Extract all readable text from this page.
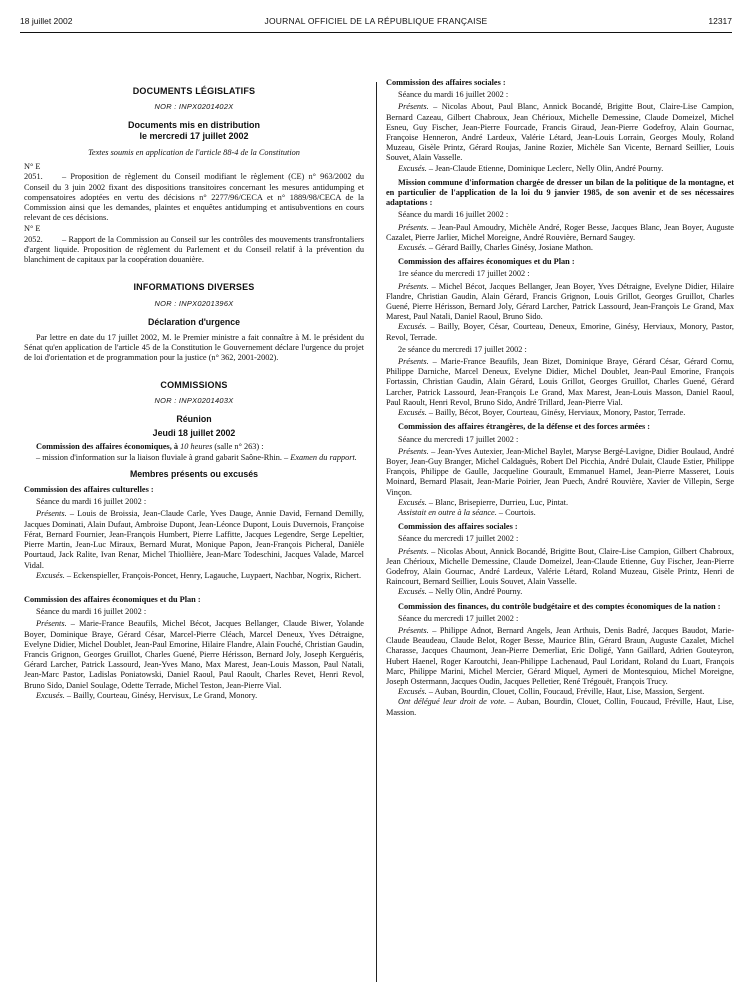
18 juillet 2002	JOURNAL OFFICIEL DE LA RÉPUBLIQUE FRANÇAISE	12317
DOCUMENTS LÉGISLATIFS
NOR : INPX0201402X
Documents mis en distribution
le mercredi 17 juillet 2002
Textes soumis en application de l'article 88-4 de la Constitution
N° E 2051.	– Proposition de règlement du Conseil modifiant le règlement (CE) n° 963/2002 du Conseil du 3 juin 2002 fixant des dispositions transitoires concernant les mesures antidumping et compensatoires adoptées en vertu des décisions n° 2277/96/CECA et n° 1889/98/CECA de la Commission ainsi que les demandes, plaintes et enquêtes antidumping et antisubventions en cours relevant de ces décisions.

N° E 2052.	– Rapport de la Commission au Conseil sur les contrôles des mouvements transfrontaliers d'argent liquide. Proposition de règlement du Parlement et du Conseil relatif à la prévention du blanchiment de capitaux par la coopération douanière.

INFORMATIONS DIVERSES
NOR : INPX0201396X
Déclaration d'urgence

Par lettre en date du 17 juillet 2002, M. le Premier ministre a fait connaître à M. le président du Sénat qu'en application de l'article 45 de la Constitution le Gouvernement déclare l'urgence du projet de loi d'orientation et de programmation pour la justice (n° 362, 2001-2002).

COMMISSIONS
NOR : INPX0201403X
Réunion
Jeudi 18 juillet 2002

Commission des affaires économiques, à 10 heures (salle n° 263) :

– mission d'information sur la liaison fluviale à grand gabarit Saône-Rhin. – Examen du rapport.

Membres présents ou excusés

Commission des affaires culturelles :

Séance du mardi 16 juillet 2002 :

Présents. – Louis de Broissia, Jean-Claude Carle, Yves Dauge, Annie David, Fernand Demilly, Jacques Dominati, Alain Dufaut, Ambroise Dupont, Jean-Léonce Dupont, Louis Duvernois, Françoise Férat, Bernard Fournier, Jean-François Humbert, Pierre Laffitte, Jacques Legendre, Serge Lepeltier, Pierre Martin, Jean-Luc Miraux, Bernard Murat, Monique Papon, Jean-François Picheral, Danièle Pourtaud, Jack Ralite, Ivan Renar, Michel Thiollière, Jean-Marc Todeschini, Jacques Valade, Marcel Vidal.

Excusés. – Eckenspieller, François-Poncet, Henry, Lagauche, Luypaert, Nachbar, Nogrix, Richert.

Commission des affaires économiques et du Plan :

Séance du mardi 16 juillet 2002 :

Présents. – Marie-France Beaufils, Michel Bécot, Jacques Bellanger, Claude Biwer, Yolande Boyer, Dominique Braye, Gérard César, Marcel-Pierre Cléach, Marcel Deneux, Yves Détraigne, Evelyne Didier, Michel Doublet, Jean-Paul Emorine, Hilaire Flandre, Alain Fouché, Christian Gaudin, Francis Grignon, Georges Gruillot, Charles Guené, Pierre Hérisson, Bernard Joly, Joseph Kerguéris, Gérard Larcher, Patrick Lassourd, Jean-Yves Mano, Max Marest, Jean-Louis Masson, Paul Natali, Jean-Marc Pastor, Ladislas Poniatowski, Daniel Raoul, Paul Raoult, Charles Revet, Henri Revol, Bruno Sido, Daniel Soulage, Odette Terrade, Michel Teston, Jean-Pierre Vial.

Excusés. – Bailly, Courteau, Ginésy, Hervisux, Le Grand, Monory.

Commission des affaires sociales :

Séance du mardi 16 juillet 2002 :

Présents. – Nicolas About, Paul Blanc, Annick Bocandé, Brigitte Bout, Claire-Lise Campion, Bernard Cazeau, Gilbert Chabroux, Jean Chérioux, Michelle Demessine, Claude Domeizel, Michel Esneu, Guy Fischer, Jean-Pierre Fourcade, Francis Giraud, Jean-Pierre Godefroy, Alain Gournac, Françoise Henneron, André Lardeux, Valérie Létard, Jean-Louis Lorrain, Georges Mouly, Roland Muzeau, Gisèle Printz, Gérard Roujas, Janine Rozier, Michèle San Vicente, Bernard Seillier, Louis Souvet, Alain Vasselle.

Excusés. – Jean-Claude Etienne, Dominique Leclerc, Nelly Olin, André Pourny.

Mission commune d'information chargée de dresser un bilan de la politique de la montagne, et en particulier de l'application de la loi du 9 janvier 1985, de son avenir et de ses nécessaires adaptations :

Séance du mardi 16 juillet 2002 :

Présents. – Jean-Paul Amoudry, Michèle André, Roger Besse, Jacques Blanc, Jean Boyer, Auguste Cazalet, Pierre Jarlier, Michel Moreigne, André Rouvière, Bernard Saugey.

Excusés. – Gérard Bailly, Charles Ginésy, Josiane Mathon.

Commission des affaires économiques et du Plan :

1re séance du mercredi 17 juillet 2002 :

Présents. – Michel Bécot, Jacques Bellanger, Jean Boyer, Yves Détraigne, Evelyne Didier, Hilaire Flandre, Christian Gaudin, Alain Gérard, Francis Grignon, Louis Grillot, Georges Gruillot, Charles Guené, Pierre Hérisson, Bernard Joly, Gérard Larcher, Patrick Lassourd, Jean-François Le Grand, Max Marest, Paul Natali, Daniel Raoul, Bruno Sido.

Excusés. – Bailly, Boyer, César, Courteau, Deneux, Emorine, Ginésy, Herviaux, Monory, Pastor, Revol, Terrade.

2e séance du mercredi 17 juillet 2002 :

Présents. – Marie-France Beaufils, Jean Bizet, Dominique Braye, Gérard César, Gérard Cornu, Philippe Darniche, Marcel Deneux, Evelyne Didier, Michel Doublet, Jean-Paul Emorine, François Fortassin, Christian Gaudin, Alain Gérard, Louis Grillot, Georges Gruillot, Charles Guené, Gérard Larcher, Patrick Lassourd, Jean-François Le Grand, Max Marest, Jean-Louis Masson, Daniel Raoul, Paul Raoult, Henri Revol, Bruno Sido, André Trillard, Jean-Pierre Vial.

Excusés. – Bailly, Bécot, Boyer, Courteau, Ginésy, Herviaux, Monory, Pastor, Terrade.

Commission des affaires étrangères, de la défense et des forces armées :

Séance du mercredi 17 juillet 2002 :

Présents. – Jean-Yves Autexier, Jean-Michel Baylet, Maryse Bergé-Lavigne, Didier Boulaud, André Boyer, Jean-Guy Branger, Michel Caldaguès, Robert Del Picchia, André Dulait, Claude Estier, Philippe François, Philippe de Gaulle, Jacqueline Gourault, Emmanuel Hamel, Jean-Pierre Masseret, Louis Moinard, Bernard Plasait, Jean-Marie Poirier, Jean Puech, André Rouvière, Xavier de Villepin, Serge Vinçon.

Excusés. – Blanc, Brisepierre, Durrieu, Luc, Pintat.

Assistait en outre à la séance. – Courtois.

Commission des affaires sociales :

Séance du mercredi 17 juillet 2002 :

Présents. – Nicolas About, Annick Bocandé, Brigitte Bout, Claire-Lise Campion, Gilbert Chabroux, Jean Chérioux, Michelle Demessine, Claude Domeizel, Jean-Claude Etienne, Guy Fischer, Jean-Pierre Godefroy, Alain Gournac, André Lardeux, Valérie Létard, Roland Muzeau, Gisèle Printz, Henri de Raincourt, Bernard Seillier, Louis Souvet, Alain Vasselle.

Excusés. – Nelly Olin, André Pourny.

Commission des finances, du contrôle budgétaire et des comptes économiques de la nation :

Séance du mercredi 17 juillet 2002 :

Présents. – Philippe Adnot, Bernard Angels, Jean Arthuis, Denis Badré, Jacques Baudot, Marie-Claude Beaudeau, Claude Belot, Roger Besse, Maurice Blin, Gérard Braun, Auguste Cazalet, Michel Charasse, Jacques Chaumont, Jean-Pierre Demerliat, Eric Doligé, Yann Gaillard, Adrien Gouteyron, Hubert Haenel, Roger Karoutchi, Jean-Philippe Lachenaud, Paul Loridant, Roland du Luart, François Marc, Philippe Marini, Michel Mercier, Gérard Miquel, Aymeri de Montesquiou, Michel Moreigne, Joseph Ostermann, Jacques Oudin, Jacques Pelletier, René Trégouët, François Trucy.

Excusés. – Auban, Bourdin, Clouet, Collin, Foucaud, Fréville, Haut, Lise, Massion, Sergent.

Ont délégué leur droit de vote. – Auban, Bourdin, Clouet, Collin, Foucaud, Fréville, Haut, Lise, Massion.
